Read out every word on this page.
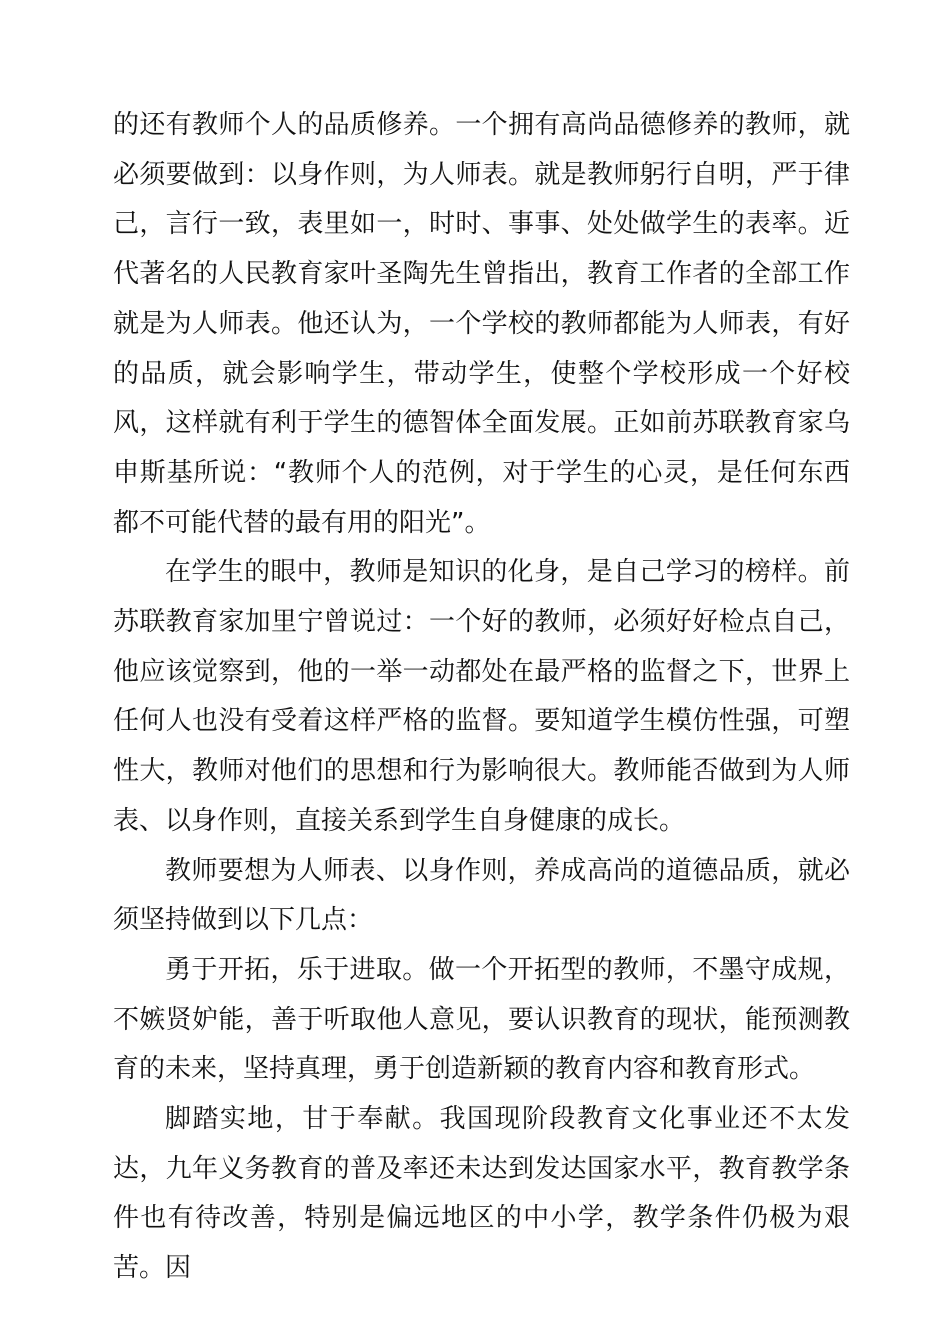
的还有教师个人的品质修养。一个拥有高尚品德修养的教师，就必须要做到：以身作则，为人师表。就是教师躬行自明，严于律己，言行一致，表里如一，时时、事事、处处做学生的表率。近代著名的人民教育家叶圣陶先生曾指出，教育工作者的全部工作就是为人师表。他还认为，一个学校的教师都能为人师表，有好的品质，就会影响学生，带动学生，使整个学校形成一个好校风，这样就有利于学生的德智体全面发展。正如前苏联教育家乌申斯基所说：“教师个人的范例，对于学生的心灵，是任何东西都不可能代替的最有用的阳光”。

在学生的眼中，教师是知识的化身，是自己学习的榜样。前苏联教育家加里宁曾说过：一个好的教师，必须好好检点自己，他应该觉察到，他的一举一动都处在最严格的监督之下，世界上任何人也没有受着这样严格的监督。要知道学生模仿性强，可塑性大，教师对他们的思想和行为影响很大。教师能否做到为人师表、以身作则，直接关系到学生自身健康的成长。

教师要想为人师表、以身作则，养成高尚的道德品质，就必须坚持做到以下几点：

勇于开拓，乐于进取。做一个开拓型的教师，不墨守成规，不嫉贤妒能，善于听取他人意见，要认识教育的现状，能预测教育的未来，坚持真理，勇于创造新颖的教育内容和教育形式。

脚踏实地，甘于奉献。我国现阶段教育文化事业还不太发达，九年义务教育的普及率还未达到发达国家水平，教育教学条件也有待改善，特别是偏远地区的中小学，教学条件仍极为艰苦。因
